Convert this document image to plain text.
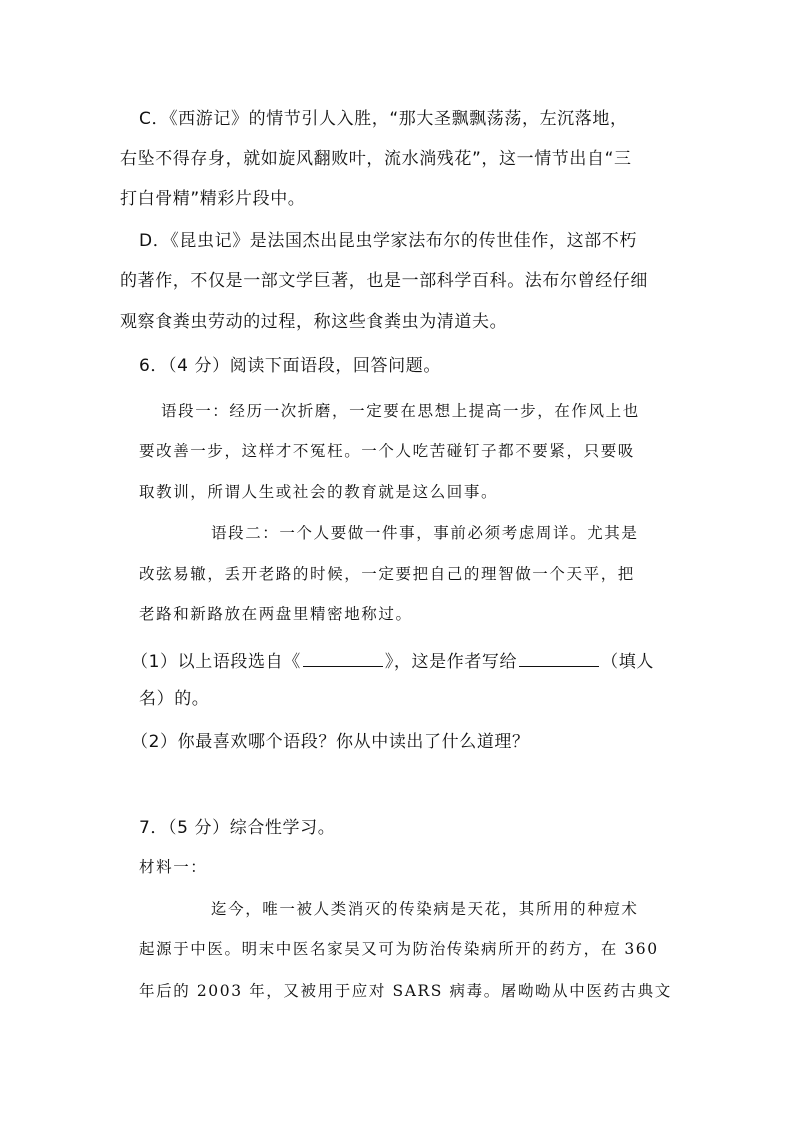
C．《西游记》的情节引人入胜，“那大圣飘飘荡荡，左沉落地，
右坠不得存身，就如旋风翻败叶，流水淌残花”，这一情节出自“三
打白骨精”精彩片段中。
D．《昆虫记》是法国杰出昆虫学家法布尔的传世佳作，这部不朽
的著作，不仅是一部文学巨著，也是一部科学百科。法布尔曾经仔细
观察食粪虫劳动的过程，称这些食粪虫为清道夫。
6．（4 分）阅读下面语段，回答问题。
语段一：经历一次折磨，一定要在思想上提高一步，在作风上也
要改善一步，这样才不冤枉。一个人吃苦碰钉子都不要紧，只要吸
取教训，所谓人生或社会的教育就是这么回事。
语段二：一个人要做一件事，事前必须考虑周详。尤其是
改弦易辙，丢开老路的时候，一定要把自己的理智做一个天平，把
老路和新路放在两盘里精密地称过。
（1）以上语段选自《	》，这是作者写给	（填人
名）的。
（2）你最喜欢哪个语段？你从中读出了什么道理？
7．（5 分）综合性学习。
材料一：
迄今，唯一被人类消灭的传染病是天花，其所用的种痘术
起源于中医。明末中医名家吴又可为防治传染病所开的药方，在 360
年后的 2003 年，又被用于应对 SARS 病毒。屠呦呦从中医药古典文
